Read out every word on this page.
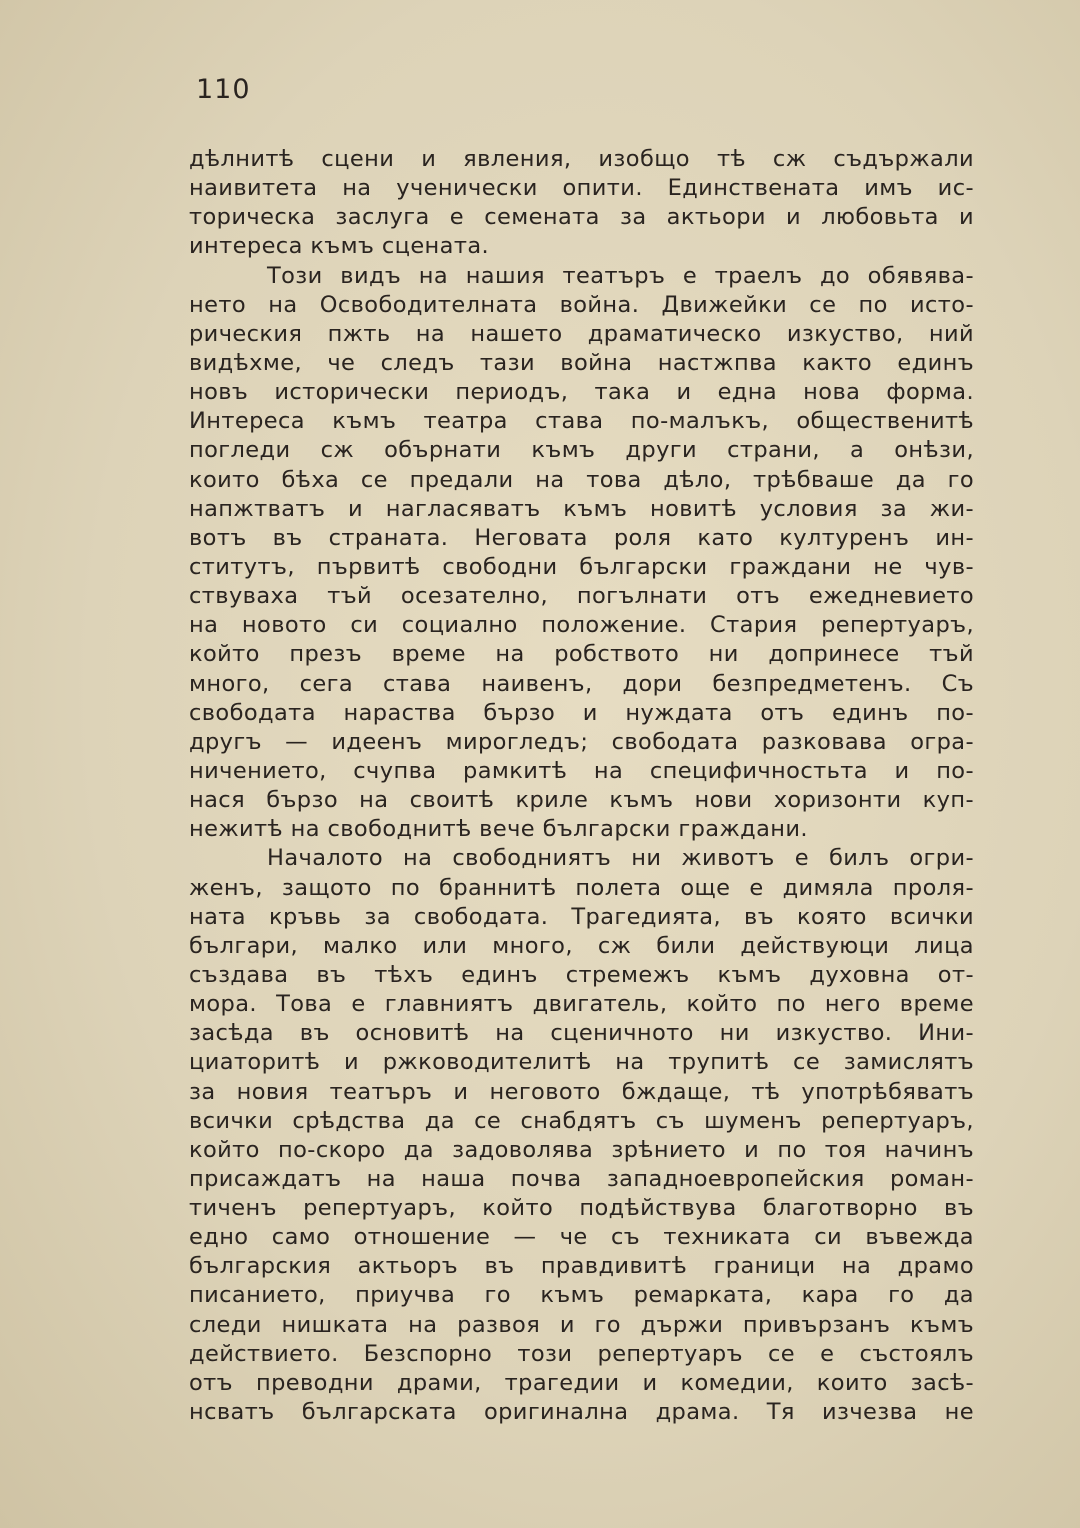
110
дѣлнитѣ сцени и явления, изобщо тѣ сж съдържали
наивитета на ученически опити. Единствената имъ ис-
торическа заслуга е семената за актьори и любовьта и
интереса къмъ сцената.
Този видъ на нашия театъръ е траелъ до обявява-
нето на Освободителната война. Движейки се по исто-
рическия пжть на нашето драматическо изкуство, ний
видѣхме, че следъ тази война настжпва както единъ
новъ исторически периодъ, така и една нова форма.
Интереса къмъ театра става по-малъкъ, общественитѣ
погледи сж обърнати къмъ други страни, а онѣзи,
които бѣха се предали на това дѣло, трѣбваше да го
напжтватъ и нагласяватъ къмъ новитѣ условия за жи-
вотъ въ страната. Неговата роля като културенъ ин-
ститутъ, първитѣ свободни български граждани не чув-
ствуваха тъй осезателно, погълнати отъ ежедневието
на новото си социално положение. Стария репертуаръ,
който презъ време на робството ни допринесе тъй
много, сега става наивенъ, дори безпредметенъ. Съ
свободата нараства бързо и нуждата отъ единъ по-
другъ — идеенъ мирогледъ; свободата разковава огра-
ничението, счупва рамкитѣ на специфичностьта и по-
нася бързо на своитѣ криле къмъ нови хоризонти куп-
нежитѣ на свободнитѣ вече български граждани.
Началото на свободниятъ ни животъ е билъ огри-
женъ, защото по браннитѣ полета още е димяла проля-
ната кръвь за свободата. Трагедията, въ която всички
българи, малко или много, сж били действуюци лица
създава въ тѣхъ единъ стремежъ къмъ духовна от-
мора. Това е главниятъ двигатель, който по него време
засѣда въ основитѣ на сценичното ни изкуство. Ини-
циаторитѣ и ржководителитѣ на трупитѣ се замислятъ
за новия театъръ и неговото бждаще, тѣ употрѣбяватъ
всички срѣдства да се снабдятъ съ шуменъ репертуаръ,
който по-скоро да задоволява зрѣнието и по тоя начинъ
присаждатъ на наша почва западноевропейския роман-
тиченъ репертуаръ, който подѣйствува благотворно въ
едно само отношение — че съ техниката си въвежда
българския актьоръ въ правдивитѣ граници на драмо
писанието, приучва го къмъ ремарката, кара го да
следи нишката на развоя и го държи привързанъ къмъ
действието. Безспорно този репертуаръ се е състоялъ
отъ преводни драми, трагедии и комедии, които засѣ-
нсватъ българската оригинална драма. Тя изчезва не
